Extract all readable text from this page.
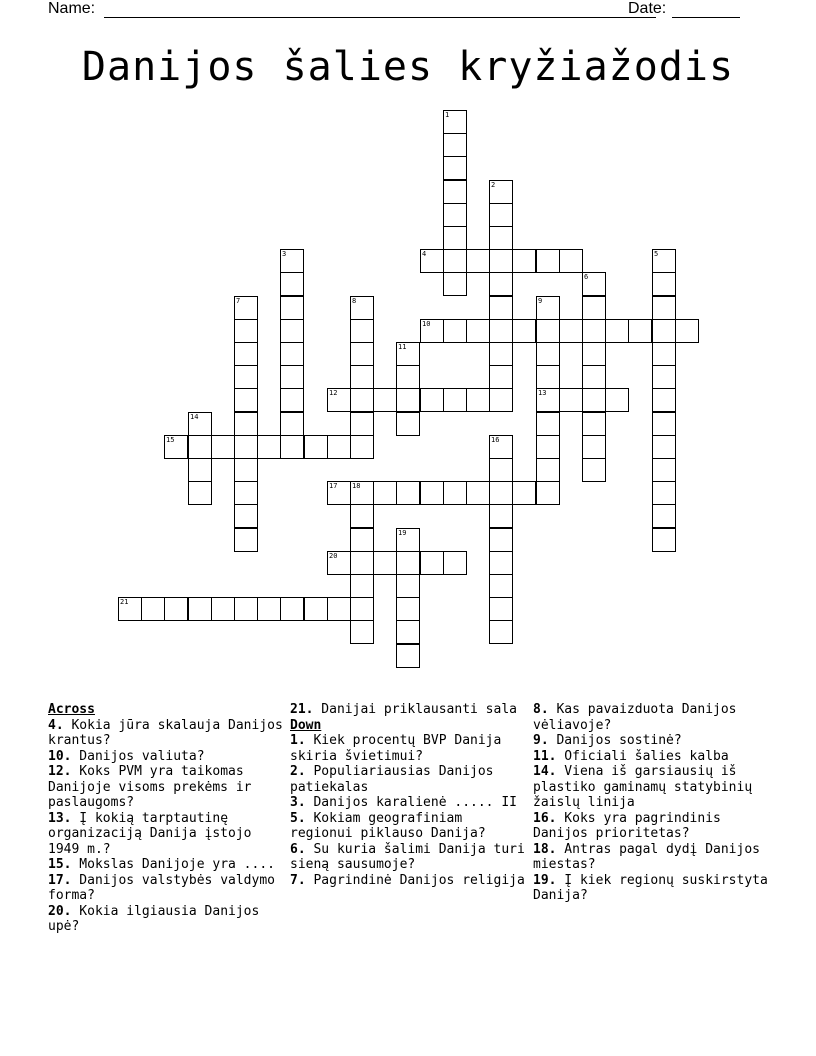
Name:	Date:
Danijos šalies kryžiažodis
1
2
3	4	5
6
7	8	9
13
10
11
12
14
15	16
17 18
19
20
21
Across
4. Kokia jūra skalauja Danijos krantus?
10. Danijos valiuta?
12. Koks PVM yra taikomas Danijoje visoms prekėms ir paslaugoms?
13. Į kokią tarptautinę organizaciją Danija įstojo 1949 m.?
15. Mokslas Danijoje yra ....
17. Danijos valstybės valdymo forma?
20. Kokia ilgiausia Danijos upė?
21. Danijai priklausanti sala
Down
1. Kiek procentų BVP Danija skiria švietimui?
2. Populiariausias Danijos patiekalas
3. Danijos karalienė ..... II
5. Kokiam geografiniam regionui piklauso Danija?
6. Su kuria šalimi Danija turi sieną sausumoje?
7. Pagrindinė Danijos religija
8. Kas pavaizduota Danijos vėliavoje?
9. Danijos sostinė?
11. Oficiali šalies kalba
14. Viena iš garsiausių iš plastiko gaminamų statybinių žaislų linija
16. Koks yra pagrindinis Danijos prioritetas?
18. Antras pagal dydį Danijos miestas?
19. Į kiek regionų suskirstyta Danija?
